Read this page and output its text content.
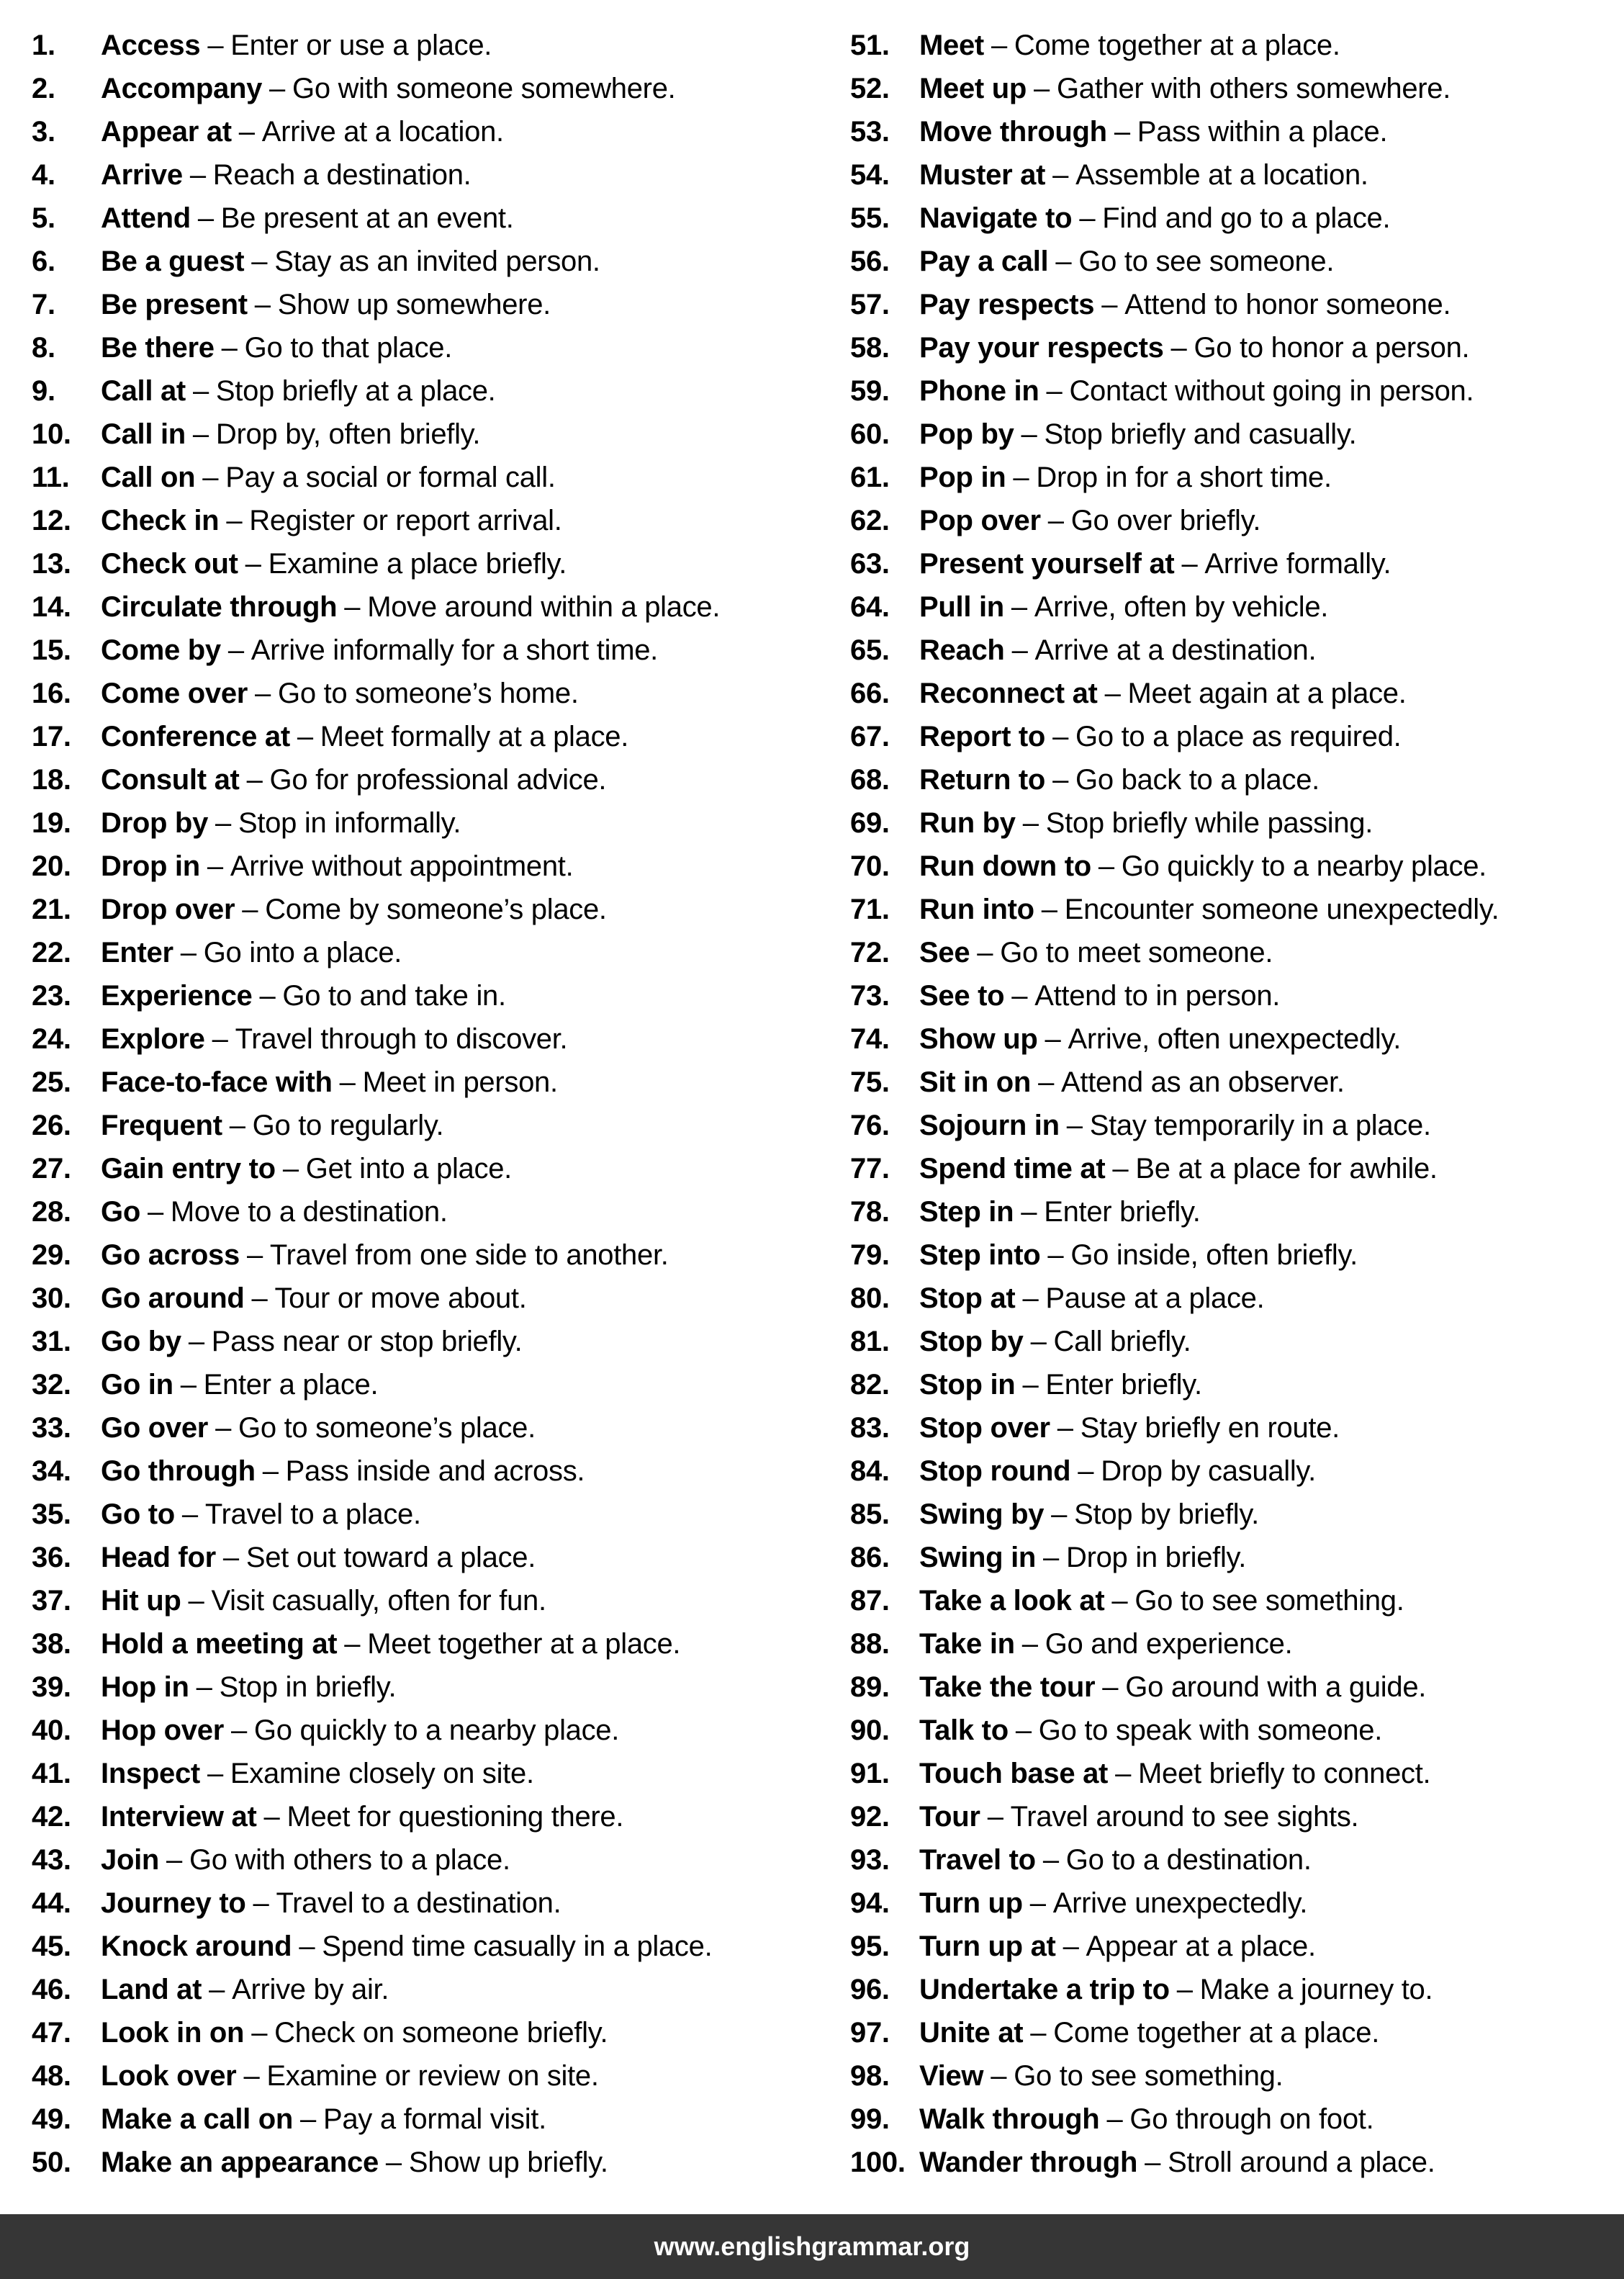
1.	Access – Enter or use a place.
2.	Accompany – Go with someone somewhere.
3.	Appear at – Arrive at a location.
4.	Arrive – Reach a destination.
5.	Attend – Be present at an event.
6.	Be a guest – Stay as an invited person.
7.	Be present – Show up somewhere.
8.	Be there – Go to that place.
9.	Call at – Stop briefly at a place.
10.	Call in – Drop by, often briefly.
11.	Call on – Pay a social or formal call.
12.	Check in – Register or report arrival.
13.	Check out – Examine a place briefly.
14.	Circulate through – Move around within a place.
15.	Come by – Arrive informally for a short time.
16.	Come over – Go to someone’s home.
17.	Conference at – Meet formally at a place.
18.	Consult at – Go for professional advice.
19.	Drop by – Stop in informally.
20.	Drop in – Arrive without appointment.
21.	Drop over – Come by someone’s place.
22.	Enter – Go into a place.
23.	Experience – Go to and take in.
24.	Explore – Travel through to discover.
25.	Face-to-face with – Meet in person.
26.	Frequent – Go to regularly.
27.	Gain entry to – Get into a place.
28.	Go – Move to a destination.
29.	Go across – Travel from one side to another.
30.	Go around – Tour or move about.
31.	Go by – Pass near or stop briefly.
32.	Go in – Enter a place.
33.	Go over – Go to someone’s place.
34.	Go through – Pass inside and across.
35.	Go to – Travel to a place.
36.	Head for – Set out toward a place.
37.	Hit up – Visit casually, often for fun.
38.	Hold a meeting at – Meet together at a place.
39.	Hop in – Stop in briefly.
40.	Hop over – Go quickly to a nearby place.
41.	Inspect – Examine closely on site.
42.	Interview at – Meet for questioning there.
43.	Join – Go with others to a place.
44.	Journey to – Travel to a destination.
45.	Knock around – Spend time casually in a place.
46.	Land at – Arrive by air.
47.	Look in on – Check on someone briefly.
48.	Look over – Examine or review on site.
49.	Make a call on – Pay a formal visit.
50.	Make an appearance – Show up briefly.
51.	Meet – Come together at a place.
52.	Meet up – Gather with others somewhere.
53.	Move through – Pass within a place.
54.	Muster at – Assemble at a location.
55.	Navigate to – Find and go to a place.
56.	Pay a call – Go to see someone.
57.	Pay respects – Attend to honor someone.
58.	Pay your respects – Go to honor a person.
59.	Phone in – Contact without going in person.
60.	Pop by – Stop briefly and casually.
61.	Pop in – Drop in for a short time.
62.	Pop over – Go over briefly.
63.	Present yourself at – Arrive formally.
64.	Pull in – Arrive, often by vehicle.
65.	Reach – Arrive at a destination.
66.	Reconnect at – Meet again at a place.
67.	Report to – Go to a place as required.
68.	Return to – Go back to a place.
69.	Run by – Stop briefly while passing.
70.	Run down to – Go quickly to a nearby place.
71.	Run into – Encounter someone unexpectedly.
72.	See – Go to meet someone.
73.	See to – Attend to in person.
74.	Show up – Arrive, often unexpectedly.
75.	Sit in on – Attend as an observer.
76.	Sojourn in – Stay temporarily in a place.
77.	Spend time at – Be at a place for awhile.
78.	Step in – Enter briefly.
79.	Step into – Go inside, often briefly.
80.	Stop at – Pause at a place.
81.	Stop by – Call briefly.
82.	Stop in – Enter briefly.
83.	Stop over – Stay briefly en route.
84.	Stop round – Drop by casually.
85.	Swing by – Stop by briefly.
86.	Swing in – Drop in briefly.
87.	Take a look at – Go to see something.
88.	Take in – Go and experience.
89.	Take the tour – Go around with a guide.
90.	Talk to – Go to speak with someone.
91.	Touch base at – Meet briefly to connect.
92.	Tour – Travel around to see sights.
93.	Travel to – Go to a destination.
94.	Turn up – Arrive unexpectedly.
95.	Turn up at – Appear at a place.
96.	Undertake a trip to – Make a journey to.
97.	Unite at – Come together at a place.
98.	View – Go to see something.
99.	Walk through – Go through on foot.
100. Wander through – Stroll around a place.
www.englishgrammar.org
